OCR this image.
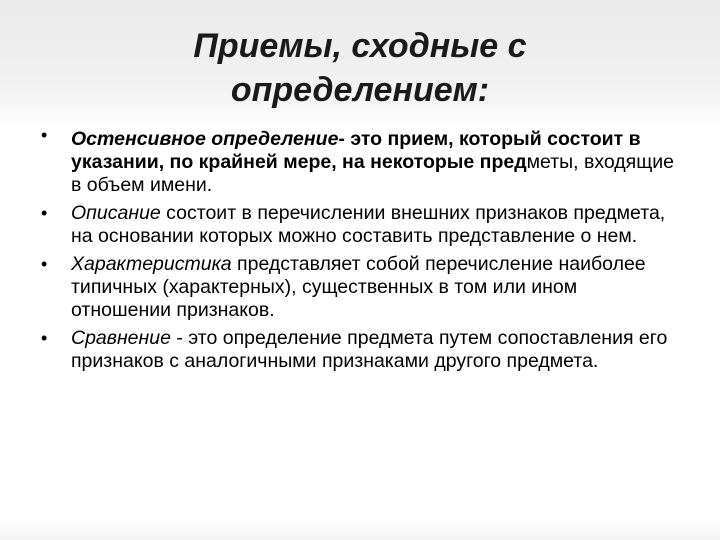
Приемы, сходные с
определением:
• Остенсивное определение- это прием, который состоит в указании, по крайней мере, на некоторые предметы, входящие в объем имени.
• Описание состоит в перечислении внешних признаков предмета, на основании которых можно составить представление о нем.
• Характеристика представляет собой перечисление наиболее типичных (характерных), существенных в том или ином отношении признаков.
• Сравнение - это определение предмета путем сопоставления его признаков с аналогичными признаками другого предмета.
